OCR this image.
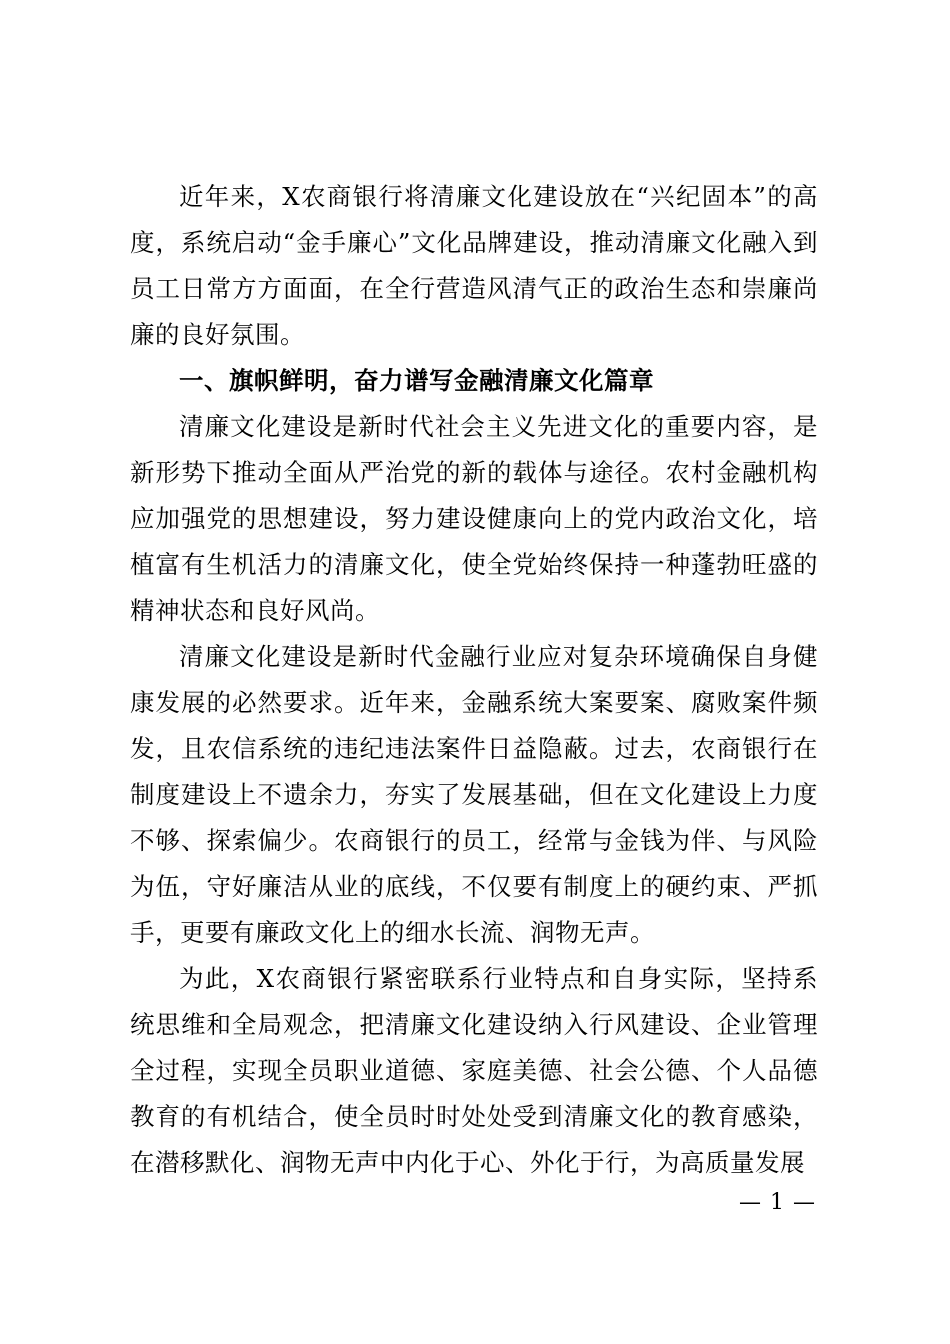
近年来，X农商银行将清廉文化建设放在“兴纪固本”的高度，系统启动“金手廉心”文化品牌建设，推动清廉文化融入到员工日常方方面面，在全行营造风清气正的政治生态和崇廉尚廉的良好氛围。

一、旗帜鲜明，奋力谱写金融清廉文化篇章

清廉文化建设是新时代社会主义先进文化的重要内容，是新形势下推动全面从严治党的新的载体与途径。农村金融机构应加强党的思想建设，努力建设健康向上的党内政治文化，培植富有生机活力的清廉文化，使全党始终保持一种蓬勃旺盛的精神状态和良好风尚。

清廉文化建设是新时代金融行业应对复杂环境确保自身健康发展的必然要求。近年来，金融系统大案要案、腐败案件频发，且农信系统的违纪违法案件日益隐蔽。过去，农商银行在制度建设上不遗余力，夯实了发展基础，但在文化建设上力度不够、探索偏少。农商银行的员工，经常与金钱为伴、与风险为伍，守好廉洁从业的底线，不仅要有制度上的硬约束、严抓手，更要有廉政文化上的细水长流、润物无声。

为此，X农商银行紧密联系行业特点和自身实际，坚持系统思维和全局观念，把清廉文化建设纳入行风建设、企业管理全过程，实现全员职业道德、家庭美德、社会公德、个人品德教育的有机结合，使全员时时处处受到清廉文化的教育感染，在潜移默化、润物无声中内化于心、外化于行，为高质量发展

— 1 —
